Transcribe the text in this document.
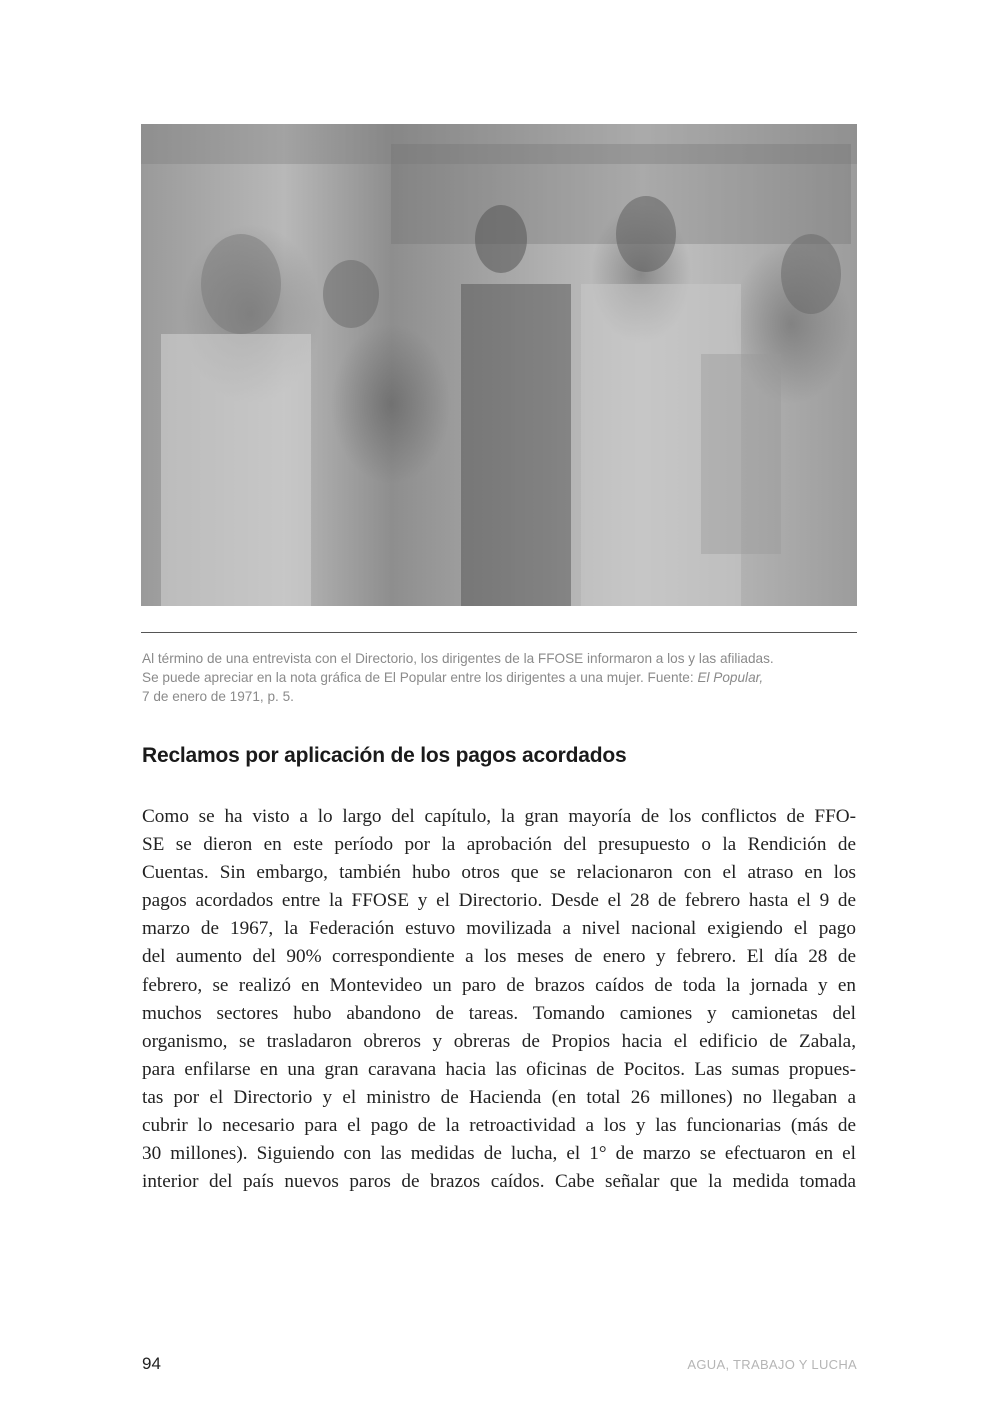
Al término de una entrevista con el Directorio, los dirigentes de la FFOSE informaron a los y las afiliadas.
Se puede apreciar en la nota gráfica de El Popular entre los dirigentes a una mujer. Fuente: El Popular,
7 de enero de 1971, p. 5.
Reclamos por aplicación de los pagos acordados
Como se ha visto a lo largo del capítulo, la gran mayoría de los conflictos de FFO-
SE se dieron en este período por la aprobación del presupuesto o la Rendición de
Cuentas. Sin embargo, también hubo otros que se relacionaron con el atraso en los
pagos acordados entre la FFOSE y el Directorio. Desde el 28 de febrero hasta el 9 de
marzo de 1967, la Federación estuvo movilizada a nivel nacional exigiendo el pago
del aumento del 90% correspondiente a los meses de enero y febrero. El día 28 de
febrero, se realizó en Montevideo un paro de brazos caídos de toda la jornada y en
muchos sectores hubo abandono de tareas. Tomando camiones y camionetas del
organismo, se trasladaron obreros y obreras de Propios hacia el edificio de Zabala,
para enfilarse en una gran caravana hacia las oficinas de Pocitos. Las sumas propues-
tas por el Directorio y el ministro de Hacienda (en total 26 millones) no llegaban a
cubrir lo necesario para el pago de la retroactividad a los y las funcionarias (más de
30 millones). Siguiendo con las medidas de lucha, el 1° de marzo se efectuaron en el
interior del país nuevos paros de brazos caídos. Cabe señalar que la medida tomada
94	AGUA, TRABAJO Y LUCHA
